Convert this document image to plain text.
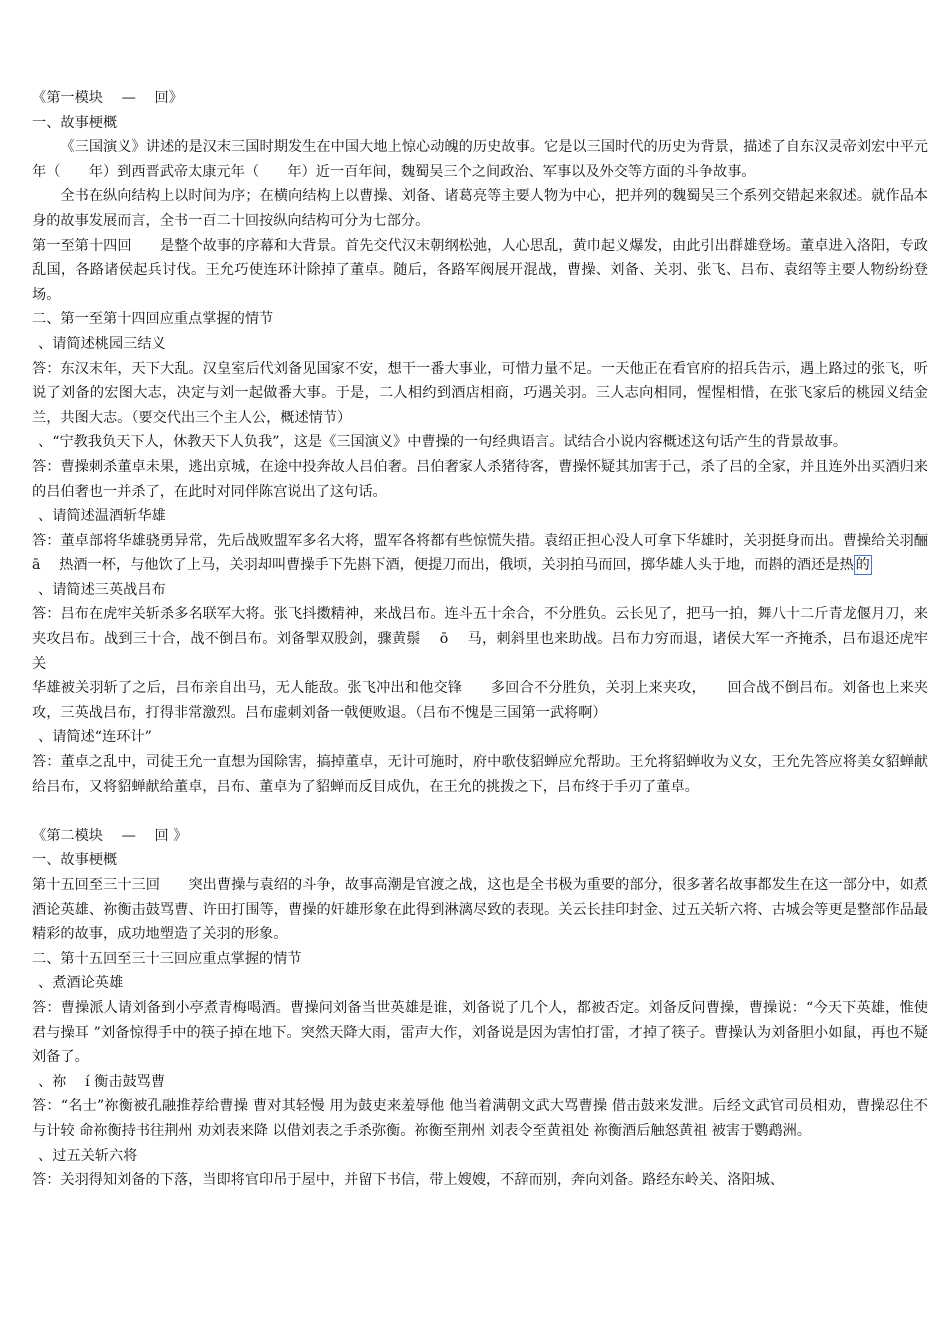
《第一模块　 —　 回》

一、故事梗概

《三国演义》讲述的是汉末三国时期发生在中国大地上惊心动魄的历史故事。它是以三国时代的历史为背景，描述了自东汉灵帝刘宏中平元年（　　年）到西晋武帝太康元年（　　年）近一百年间，魏蜀吴三个之间政治、军事以及外交等方面的斗争故事。

全书在纵向结构上以时间为序；在横向结构上以曹操、刘备、诸葛亮等主要人物为中心，把并列的魏蜀吴三个系列交错起来叙述。就作品本身的故事发展而言，全书一百二十回按纵向结构可分为七部分。

第一至第十四回　　是整个故事的序幕和大背景。首先交代汉末朝纲松弛，人心思乱，黄巾起义爆发，由此引出群雄登场。董卓进入洛阳，专政乱国，各路诸侯起兵讨伐。王允巧使连环计除掉了董卓。随后，各路军阀展开混战，曹操、刘备、关羽、张飞、吕布、袁绍等主要人物纷纷登场。

二、第一至第十四回应重点掌握的情节

、请简述桃园三结义

答：东汉末年，天下大乱。汉皇室后代刘备见国家不安，想干一番大事业，可惜力量不足。一天他正在看官府的招兵告示，遇上路过的张飞，听说了刘备的宏图大志，决定与刘一起做番大事。于是，二人相约到酒店相商，巧遇关羽。三人志向相同，惺惺相惜，在张飞家后的桃园义结金兰，共图大志。（要交代出三个主人公，概述情节）

、“宁教我负天下人，休教天下人负我”，这是《三国演义》中曹操的一句经典语言。试结合小说内容概述这句话产生的背景故事。

答：曹操刺杀董卓未果，逃出京城，在途中投奔故人吕伯奢。吕伯奢家人杀猪待客，曹操怀疑其加害于己，杀了吕的全家，并且连外出买酒归来的吕伯奢也一并杀了，在此时对同伴陈宫说出了这句话。

、请简述温酒斩华雄

答：董卓部将华雄骁勇异常，先后战败盟军多名大将，盟军各将都有些惊慌失措。袁绍正担心没人可拿下华雄时，关羽挺身而出。曹操给关羽酾　 ā　 热酒一杯，与他饮了上马，关羽却叫曹操手下先斟下酒，便提刀而出，俄顷，关羽拍马而回，掷华雄人头于地，而斟的酒还是热 的

、请简述三英战吕布

答：吕布在虎牢关斩杀多名联军大将。张飞抖擞精神，来战吕布。连斗五十余合，不分胜负。云长见了，把马一拍，舞八十二斤青龙偃月刀，来夹攻吕布。战到三十合，战不倒吕布。刘备掣双股剑，骤黄鬃　 ō　 马，刺斜里也来助战。吕布力穷而退，诸侯大军一齐掩杀，吕布退还虎牢关

华雄被关羽斩了之后，吕布亲自出马，无人能敌。张飞冲出和他交锋　　多回合不分胜负，关羽上来夹攻，　　回合战不倒吕布。刘备也上来夹攻，三英战吕布，打得非常激烈。吕布虚刺刘备一戟便败退。（吕布不愧是三国第一武将啊）

、请简述“连环计”

答：董卓之乱中，司徒王允一直想为国除害，搞掉董卓，无计可施时，府中歌伎貂蝉应允帮助。王允将貂蝉收为义女，王允先答应将美女貂蝉献给吕布，又将貂蝉献给董卓，吕布、董卓为了貂蝉而反目成仇，在王允的挑拨之下，吕布终于手刃了董卓。

《第二模块　 —　 回 》

一、故事梗概

第十五回至三十三回　　突出曹操与袁绍的斗争，故事高潮是官渡之战，这也是全书极为重要的部分，很多著名故事都发生在这一部分中，如煮酒论英雄、祢衡击鼓骂曹、许田打围等，曹操的奸雄形象在此得到淋漓尽致的表现。关云长挂印封金、过五关斩六将、古城会等更是整部作品最精彩的故事，成功地塑造了关羽的形象。

二、第十五回至三十三回应重点掌握的情节

、煮酒论英雄

答：曹操派人请刘备到小亭煮青梅喝酒。曹操问刘备当世英雄是谁，刘备说了几个人，都被否定。刘备反问曹操，曹操说：“今天下英雄，惟使君与操耳 ”刘备惊得手中的筷子掉在地下。突然天降大雨，雷声大作，刘备说是因为害怕打雷，才掉了筷子。曹操认为刘备胆小如鼠，再也不疑刘备了。

、祢　 í 衡击鼓骂曹

答：“名士”祢衡被孔融推荐给曹操 曹对其轻慢 用为鼓吏来羞辱他 他当着满朝文武大骂曹操 借击鼓来发泄。后经文武官司员相劝，曹操忍住不与计较 命祢衡持书往荆州 劝刘表来降 以借刘表之手杀弥衡。祢衡至荆州 刘表令至黄祖处 祢衡酒后触怒黄祖 被害于鹦鹉洲。

、过五关斩六将

答：关羽得知刘备的下落，当即将官印吊于屋中，并留下书信，带上嫂嫂，不辞而别，奔向刘备。路经东岭关、洛阳城、
